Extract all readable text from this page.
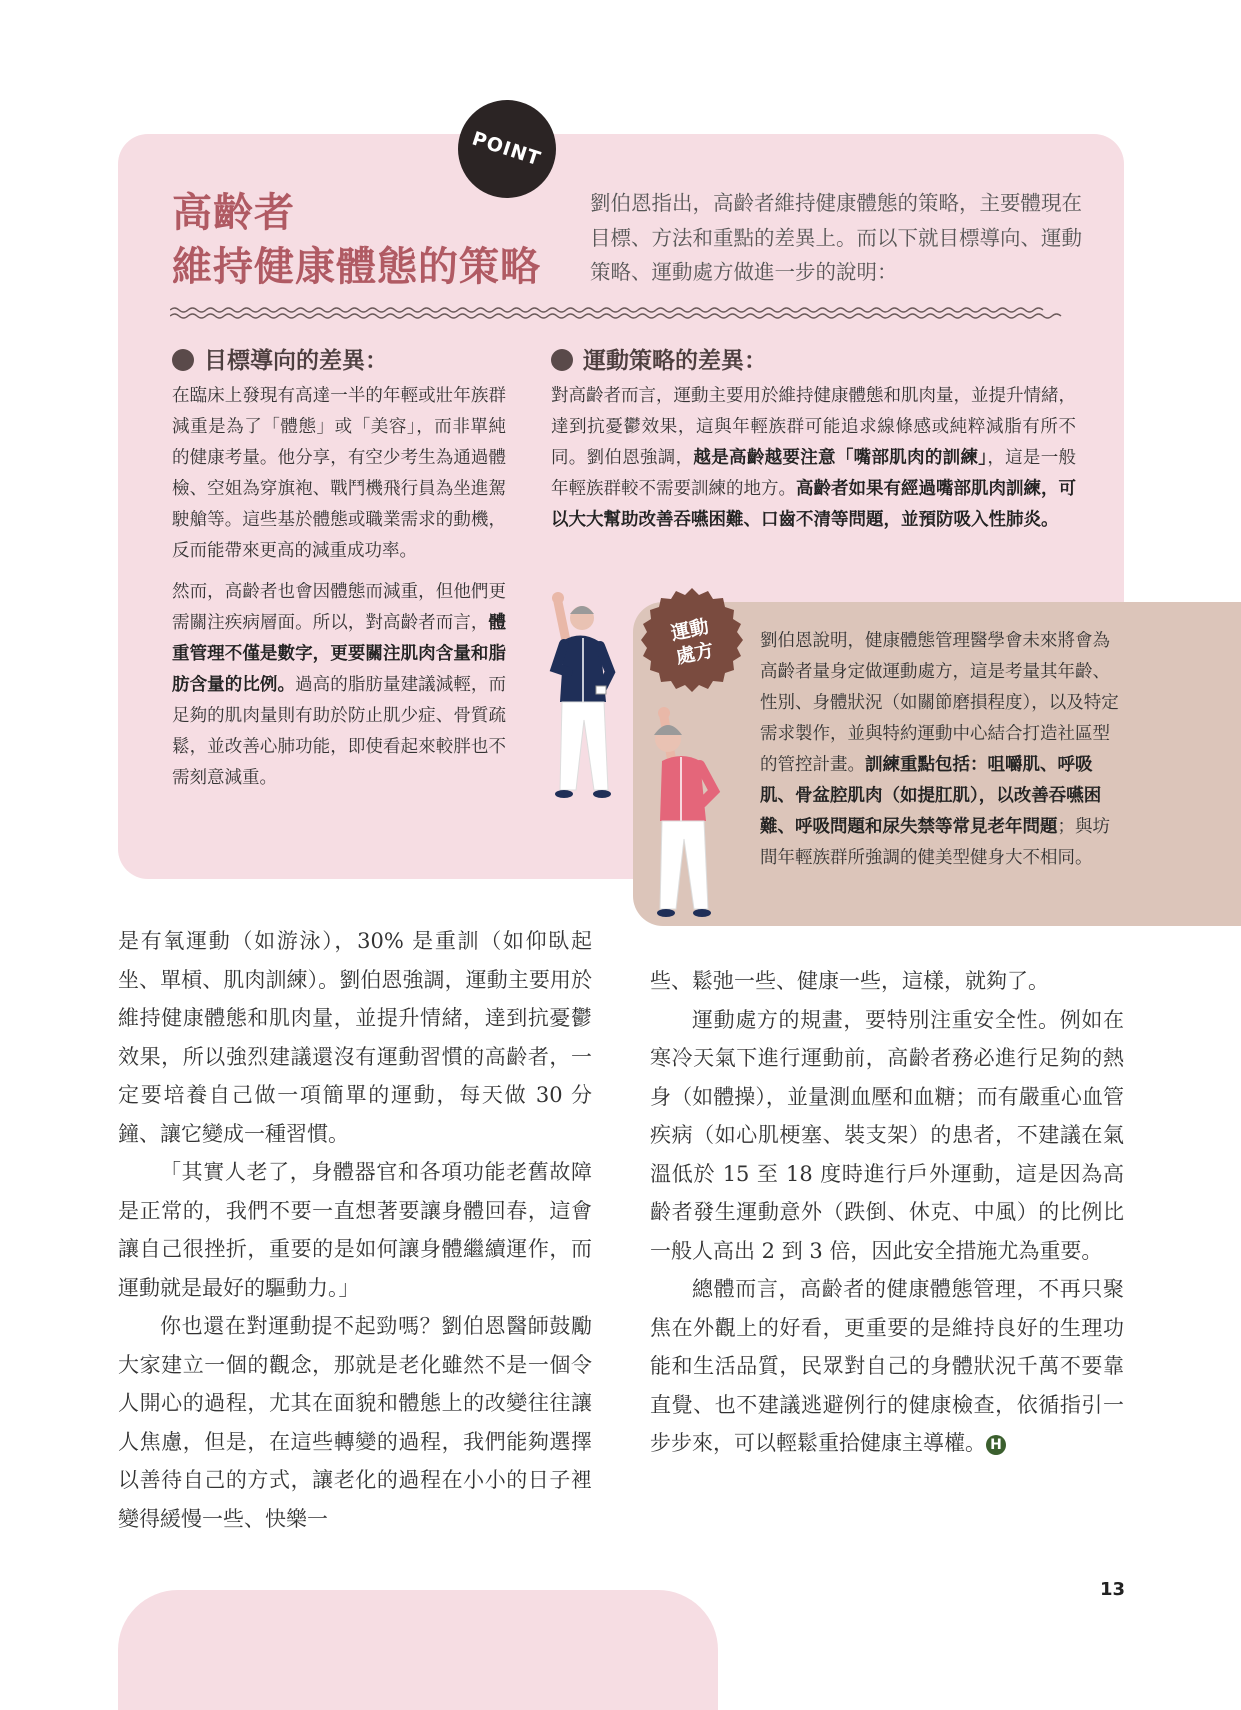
POINT
高齡者
維持健康體態的策略

劉伯恩指出，高齡者維持健康體態的策略，主要體現在目標、方法和重點的差異上。而以下就目標導向、運動策略、運動處方做進一步的說明：

目標導向的差異：

在臨床上發現有高達一半的年輕或壯年族群減重是為了「體態」或「美容」，而非單純的健康考量。他分享，有空少考生為通過體檢、空姐為穿旗袍、戰鬥機飛行員為坐進駕駛艙等。這些基於體態或職業需求的動機，反而能帶來更高的減重成功率。

然而，高齡者也會因體態而減重，但他們更需關注疾病層面。所以，對高齡者而言，體重管理不僅是數字，更要關注肌肉含量和脂肪含量的比例。過高的脂肪量建議減輕，而足夠的肌肉量則有助於防止肌少症、骨質疏鬆，並改善心肺功能，即使看起來較胖也不需刻意減重。

運動策略的差異：

對高齡者而言，運動主要用於維持健康體態和肌肉量，並提升情緒，達到抗憂鬱效果，這與年輕族群可能追求線條感或純粹減脂有所不同。劉伯恩強調，越是高齡越要注意「嘴部肌肉的訓練」，這是一般年輕族群較不需要訓練的地方。高齡者如果有經過嘴部肌肉訓練，可以大大幫助改善吞嚥困難、口齒不清等問題，並預防吸入性肺炎。

運動
處方	劉伯恩說明，健康體態管理醫學會未來將會為高齡者量身定做運動處方，這是考量其年齡、性別、身體狀況（如關節磨損程度），以及特定需求製作，並與特約運動中心結合打造社區型的管控計畫。訓練重點包括：咀嚼肌、呼吸肌、骨盆腔肌肉（如提肛肌），以改善吞嚥困難、呼吸問題和尿失禁等常見老年問題；與坊間年輕族群所強調的健美型健身大不相同。

是有氧運動（如游泳），30% 是重訓（如仰臥起坐、單槓、肌肉訓練）。劉伯恩強調，運動主要用於維持健康體態和肌肉量，並提升情緒，達到抗憂鬱效果，所以強烈建議還沒有運動習慣的高齡者，一定要培養自己做一項簡單的運動，每天做 30 分鐘、讓它變成一種習慣。

「其實人老了，身體器官和各項功能老舊故障是正常的，我們不要一直想著要讓身體回春，這會讓自己很挫折，重要的是如何讓身體繼續運作，而運動就是最好的驅動力。」

你也還在對運動提不起勁嗎？劉伯恩醫師鼓勵大家建立一個的觀念，那就是老化雖然不是一個令人開心的過程，尤其在面貌和體態上的改變往往讓人焦慮，但是，在這些轉變的過程，我們能夠選擇以善待自己的方式，讓老化的過程在小小的日子裡變得緩慢一些、快樂一

些、鬆弛一些、健康一些，這樣，就夠了。

運動處方的規畫，要特別注重安全性。例如在寒冷天氣下進行運動前，高齡者務必進行足夠的熱身（如體操），並量測血壓和血糖；而有嚴重心血管疾病（如心肌梗塞、裝支架）的患者，不建議在氣溫低於 15 至 18 度時進行戶外運動，這是因為高齡者發生運動意外（跌倒、休克、中風）的比例比一般人高出 2 到 3 倍，因此安全措施尤為重要。

總體而言，高齡者的健康體態管理，不再只聚焦在外觀上的好看，更重要的是維持良好的生理功能和生活品質，民眾對自己的身體狀況千萬不要靠直覺、也不建議逃避例行的健康檢查，依循指引一步步來，可以輕鬆重拾健康主導權。 H

13
